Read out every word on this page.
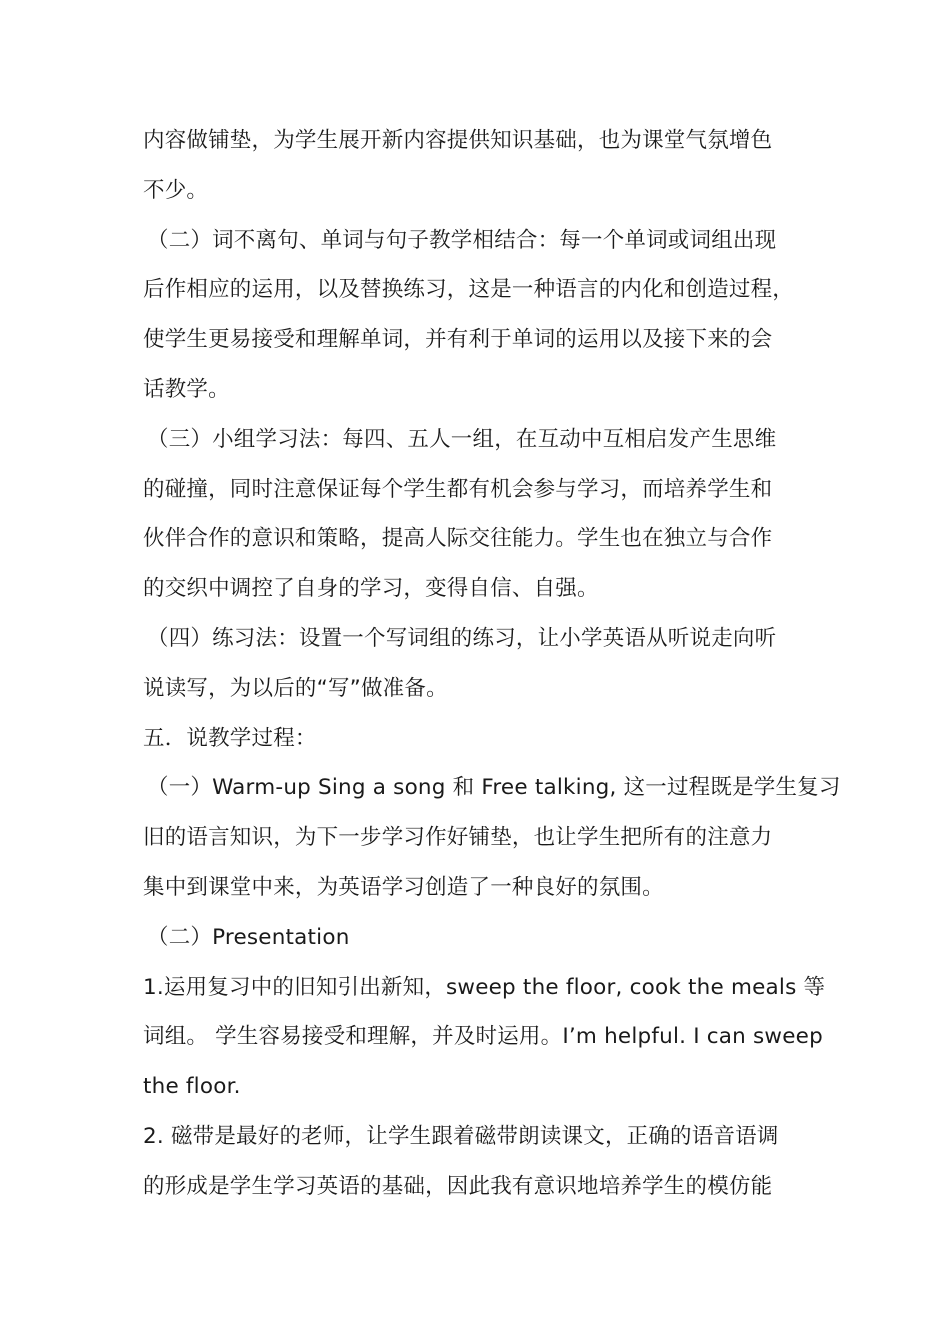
内容做铺垫，为学生展开新内容提供知识基础，也为课堂气氛增色
不少。
（二）词不离句、单词与句子教学相结合：每一个单词或词组出现
后作相应的运用，以及替换练习，这是一种语言的内化和创造过程，
使学生更易接受和理解单词，并有利于单词的运用以及接下来的会
话教学。
（三）小组学习法：每四、五人一组，在互动中互相启发产生思维
的碰撞，同时注意保证每个学生都有机会参与学习，而培养学生和
伙伴合作的意识和策略，提高人际交往能力。学生也在独立与合作
的交织中调控了自身的学习，变得自信、自强。
（四）练习法：设置一个写词组的练习，让小学英语从听说走向听
说读写，为以后的“写”做准备。
五．说教学过程：
（一）Warm-up Sing a song 和 Free talking, 这一过程既是学生复习
旧的语言知识，为下一步学习作好铺垫，也让学生把所有的注意力
集中到课堂中来，为英语学习创造了一种良好的氛围。
（二）Presentation
1.运用复习中的旧知引出新知，sweep the floor, cook the meals 等
词组。 学生容易接受和理解，并及时运用。I’m helpful. I can sweep
the floor.
2. 磁带是最好的老师，让学生跟着磁带朗读课文，正确的语音语调
的形成是学生学习英语的基础，因此我有意识地培养学生的模仿能
